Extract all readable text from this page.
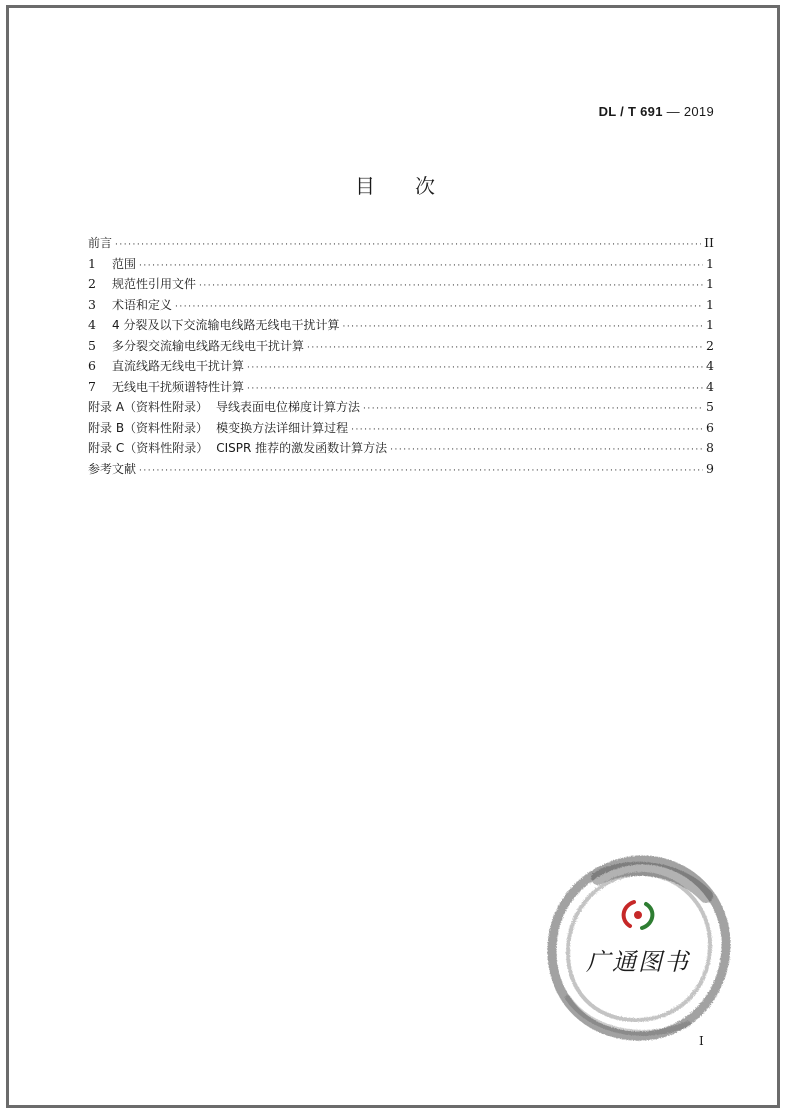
DL / T 691 — 2019
目次
前言 ·····	II
1	范围 ·····	1
2	规范性引用文件 ·····	1
3	术语和定义 ·····	1
4	4 分裂及以下交流输电线路无线电干扰计算 ·····	1
5	多分裂交流输电线路无线电干扰计算 ·····	2
6	直流线路无线电干扰计算 ·····	4
7	无线电干扰频谱特性计算 ·····	4
附录 A（资料性附录） 导线表面电位梯度计算方法 ·····	5
附录 B（资料性附录） 模变换方法详细计算过程 ·····	6
附录 C（资料性附录） CISPR 推荐的激发函数计算方法 ·····	8
参考文献 ·····	9
广通图书
I
